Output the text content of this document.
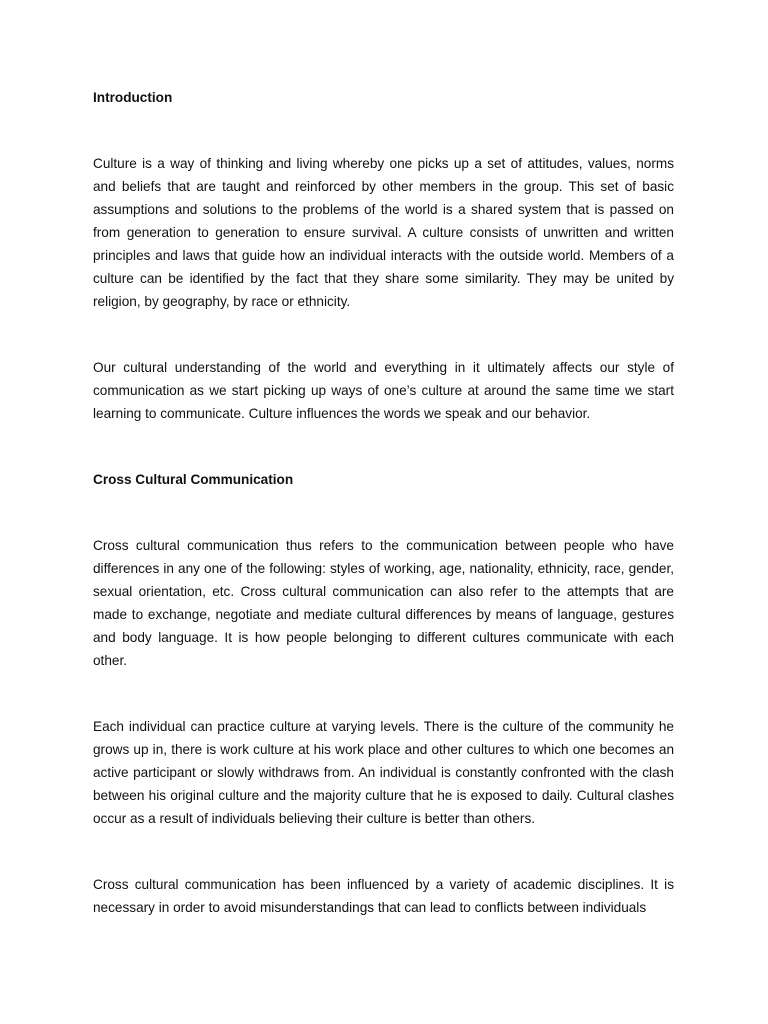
Introduction

Culture is a way of thinking and living whereby one picks up a set of attitudes, values, norms and beliefs that are taught and reinforced by other members in the group. This set of basic assumptions and solutions to the problems of the world is a shared system that is passed on from generation to generation to ensure survival. A culture consists of unwritten and written principles and laws that guide how an individual interacts with the outside world. Members of a culture can be identified by the fact that they share some similarity. They may be united by religion, by geography, by race or ethnicity.

Our cultural understanding of the world and everything in it ultimately affects our style of communication as we start picking up ways of one’s culture at around the same time we start learning to communicate. Culture influences the words we speak and our behavior.

Cross Cultural Communication

Cross cultural communication thus refers to the communication between people who have differences in any one of the following: styles of working, age, nationality, ethnicity, race, gender, sexual orientation, etc. Cross cultural communication can also refer to the attempts that are made to exchange, negotiate and mediate cultural differences by means of language, gestures and body language. It is how people belonging to different cultures communicate with each other.

Each individual can practice culture at varying levels. There is the culture of the community he grows up in, there is work culture at his work place and other cultures to which one becomes an active participant or slowly withdraws from. An individual is constantly confronted with the clash between his original culture and the majority culture that he is exposed to daily. Cultural clashes occur as a result of individuals believing their culture is better than others.

Cross cultural communication has been influenced by a variety of academic disciplines. It is necessary in order to avoid misunderstandings that can lead to conflicts between individuals
